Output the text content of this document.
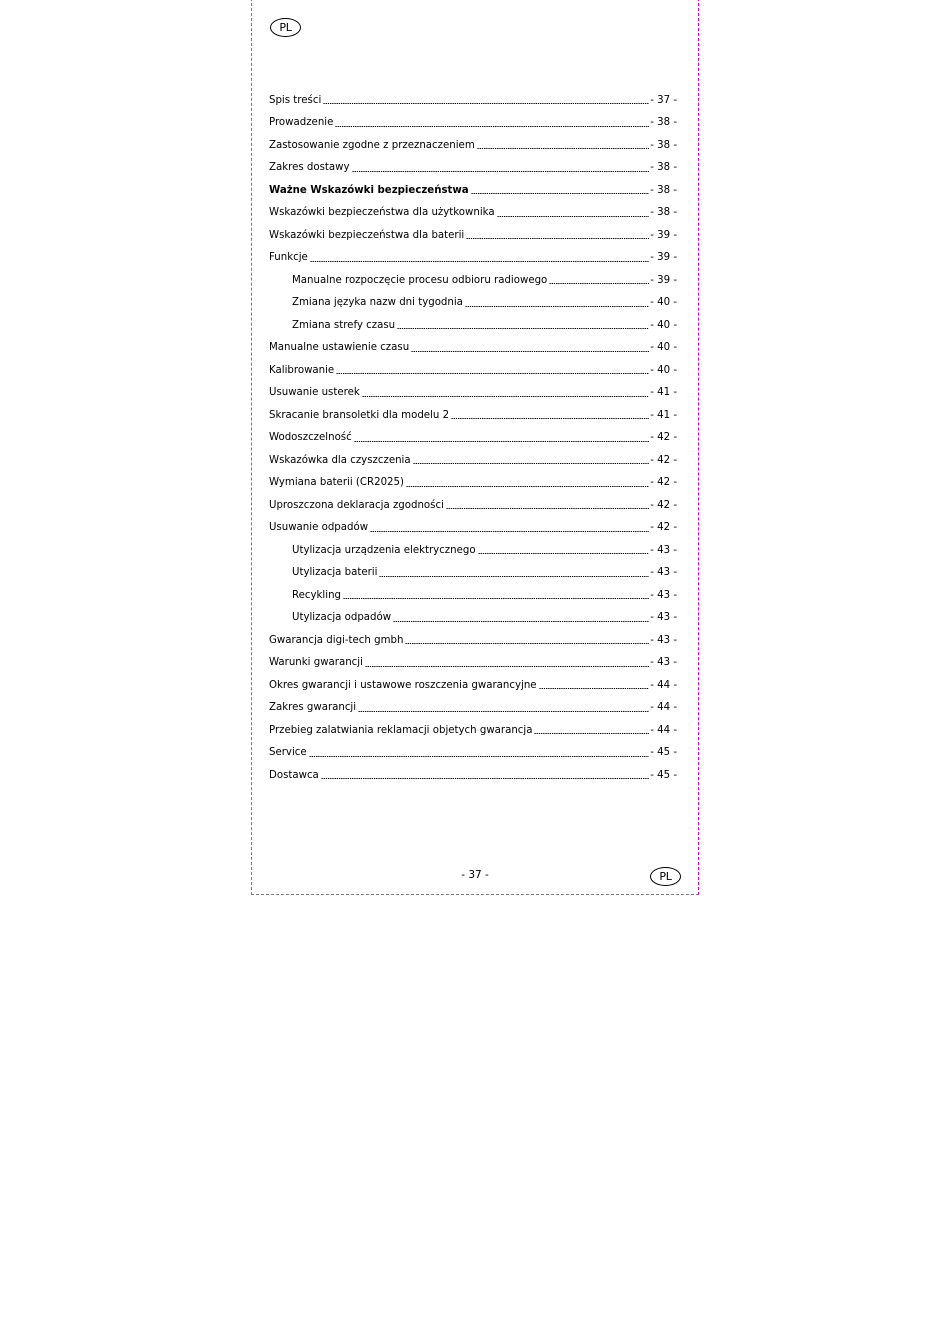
PL
Spis treści	- 37 -
Prowadzenie	- 38 -
Zastosowanie zgodne z przeznaczeniem	- 38 -
Zakres dostawy	- 38 -
Ważne Wskazówki bezpieczeństwa	- 38 -
Wskazówki bezpieczeństwa dla użytkownika	- 38 -
Wskazówki bezpieczeństwa dla baterii	- 39 -
Funkcje	- 39 -
Manualne rozpoczęcie procesu odbioru radiowego	- 39 -
Zmiana języka nazw dni tygodnia	- 40 -
Zmiana strefy czasu	- 40 -
Manualne ustawienie czasu	- 40 -
Kalibrowanie	- 40 -
Usuwanie usterek	- 41 -
Skracanie bransoletki dla modelu 2	- 41 -
Wodoszczelność	- 42 -
Wskazówka dla czyszczenia	- 42 -
Wymiana baterii (CR2025)	- 42 -
Uproszczona deklaracja zgodności	- 42 -
Usuwanie odpadów	- 42 -
Utylizacja urządzenia elektrycznego	- 43 -
Utylizacja baterii	- 43 -
Recykling	- 43 -
Utylizacja odpadów	- 43 -
Gwarancja digi-tech gmbh	- 43 -
Warunki gwarancji	- 43 -
Okres gwarancji i ustawowe roszczenia gwarancyjne	- 44 -
Zakres gwarancji	- 44 -
Przebieg zalatwiania reklamacji objetych gwarancja	- 44 -
Service	- 45 -
Dostawca	- 45 -
- 37 -	PL
